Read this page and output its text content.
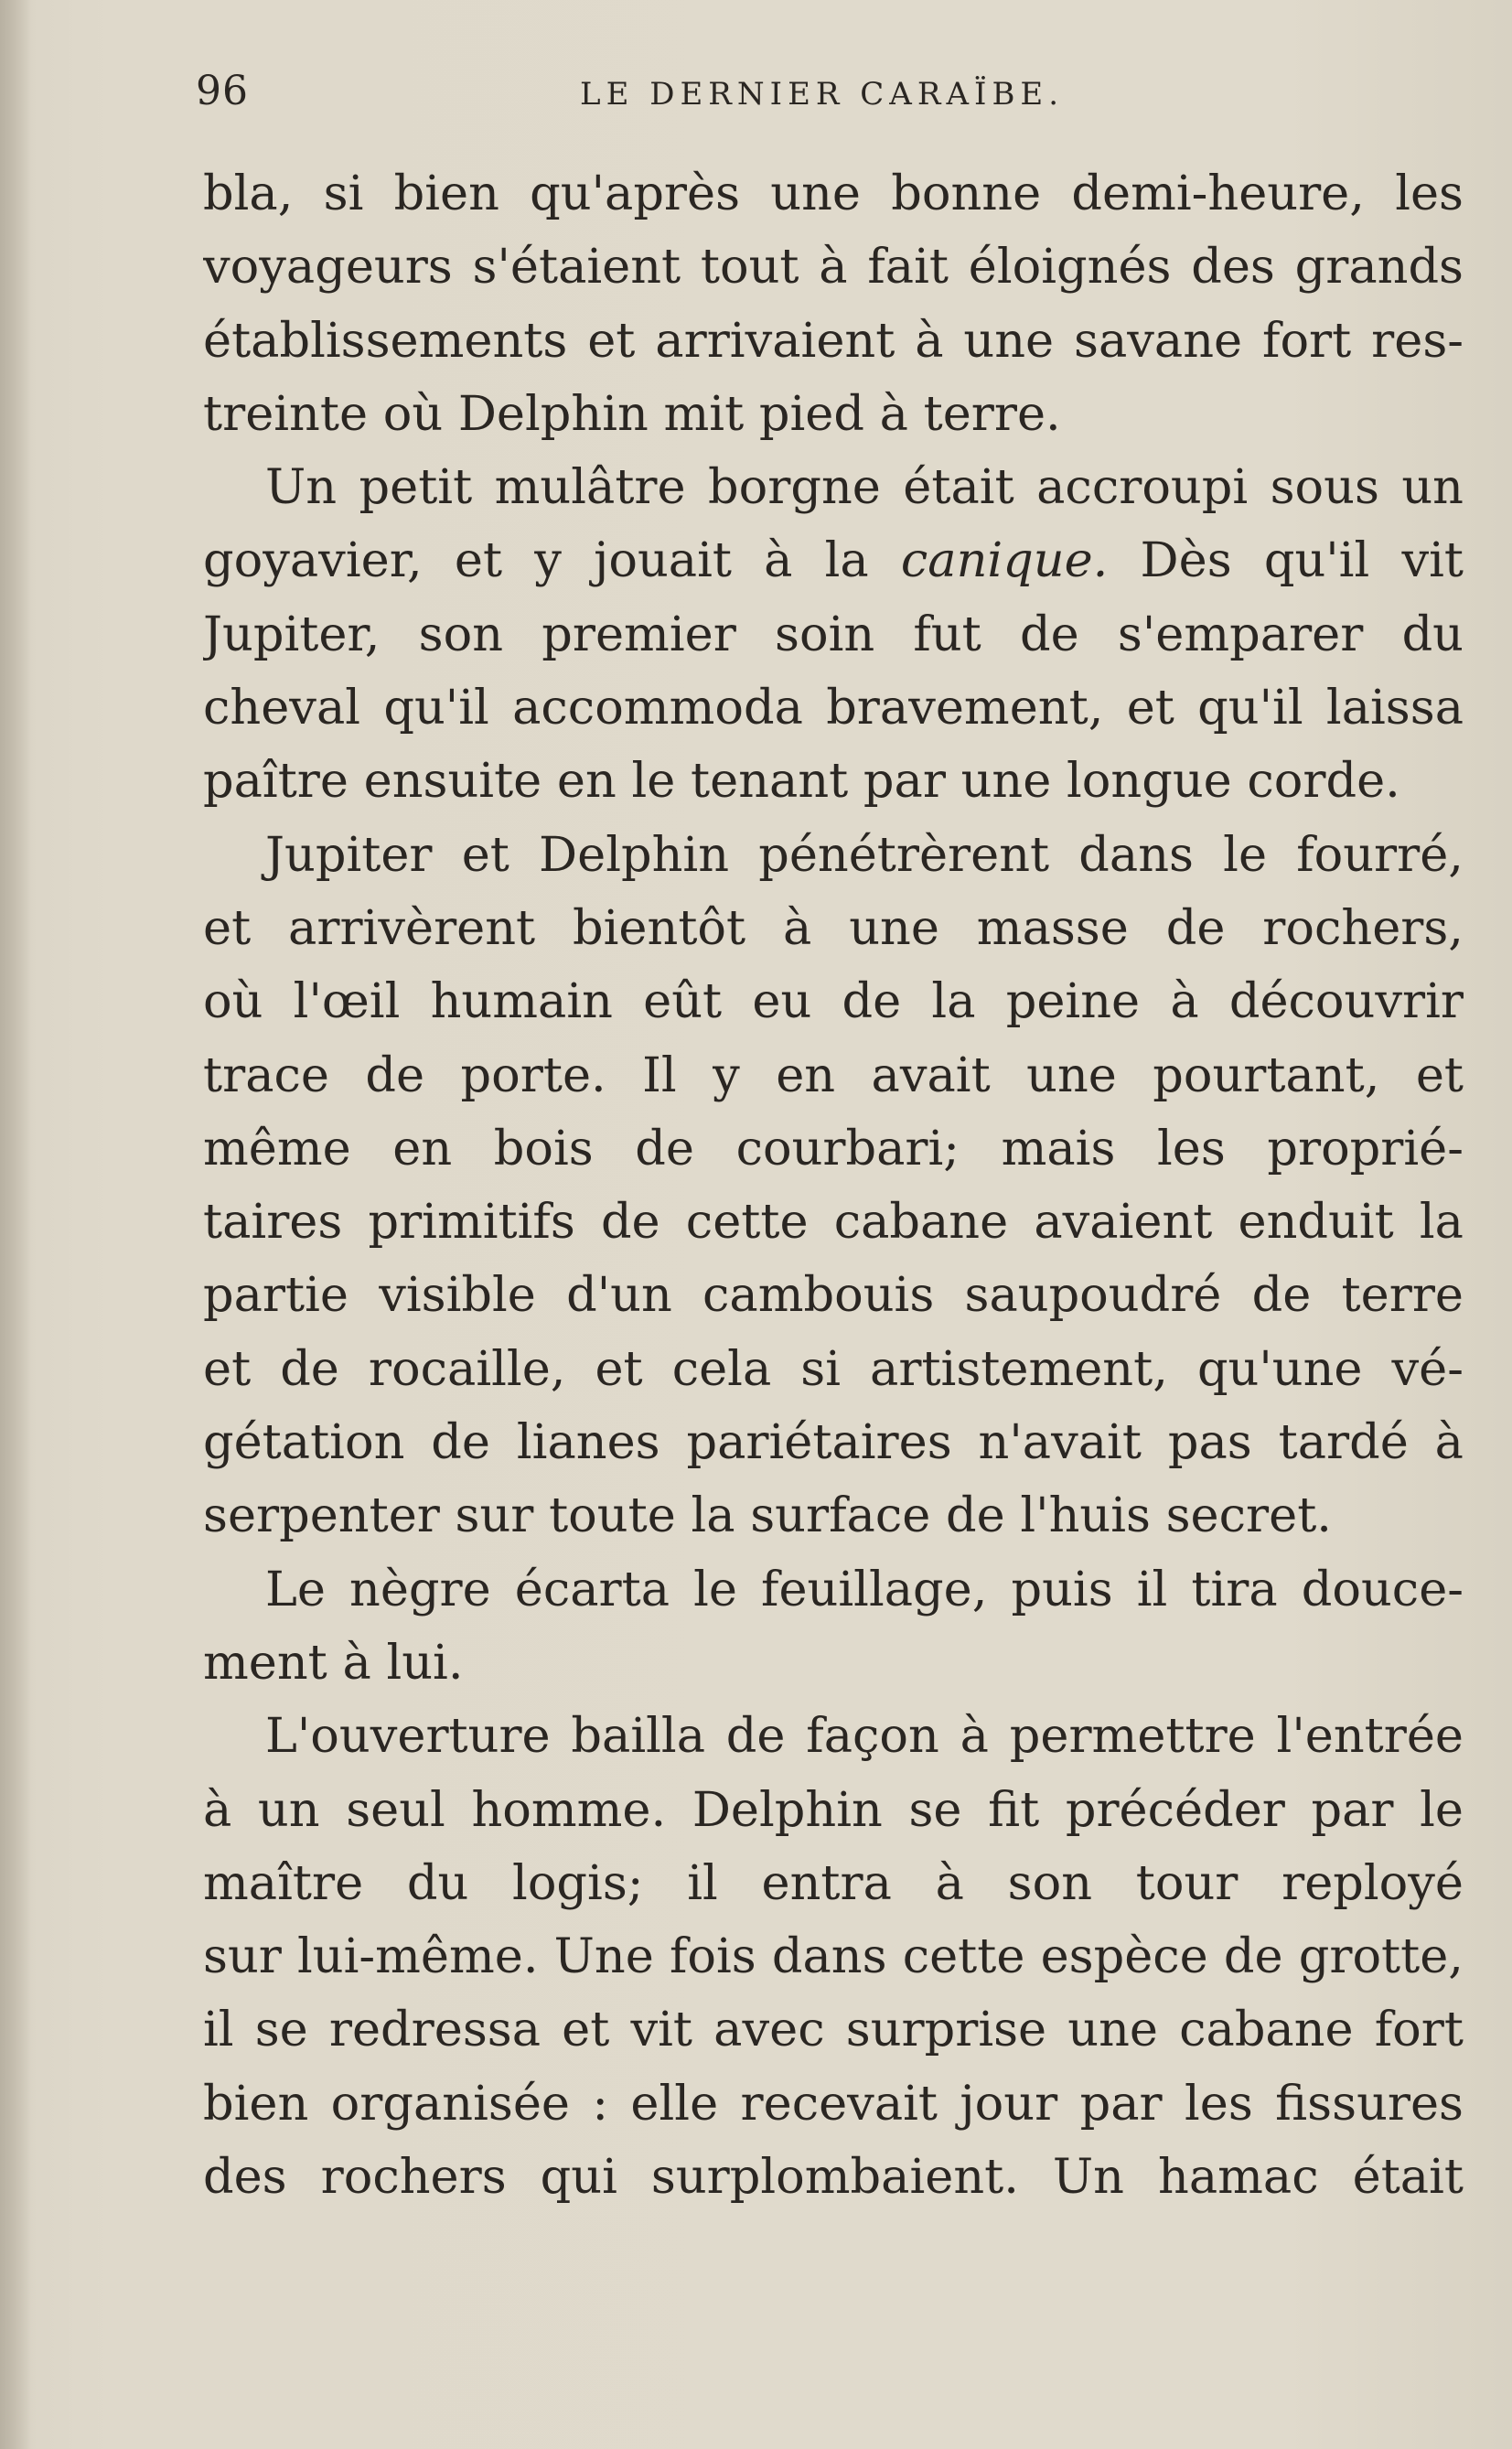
96	LE DERNIER CARAÏBE.
bla, si bien qu'après une bonne demi-heure, les
voyageurs s'étaient tout à fait éloignés des grands
établissements et arrivaient à une savane fort res-
treinte où Delphin mit pied à terre.
Un petit mulâtre borgne était accroupi sous un
goyavier, et y jouait à la canique. Dès qu'il vit
Jupiter, son premier soin fut de s'emparer du
cheval qu'il accommoda bravement, et qu'il laissa
paître ensuite en le tenant par une longue corde.
Jupiter et Delphin pénétrèrent dans le fourré,
et arrivèrent bientôt à une masse de rochers,
où l'œil humain eût eu de la peine à découvrir
trace de porte. Il y en avait une pourtant, et
même en bois de courbari; mais les proprié-
taires primitifs de cette cabane avaient enduit la
partie visible d'un cambouis saupoudré de terre
et de rocaille, et cela si artistement, qu'une vé-
gétation de lianes pariétaires n'avait pas tardé à
serpenter sur toute la surface de l'huis secret.
Le nègre écarta le feuillage, puis il tira douce-
ment à lui.
L'ouverture bailla de façon à permettre l'entrée
à un seul homme. Delphin se fit précéder par le
maître du logis; il entra à son tour reployé
sur lui-même. Une fois dans cette espèce de grotte,
il se redressa et vit avec surprise une cabane fort
bien organisée : elle recevait jour par les fissures
des rochers qui surplombaient. Un hamac était
